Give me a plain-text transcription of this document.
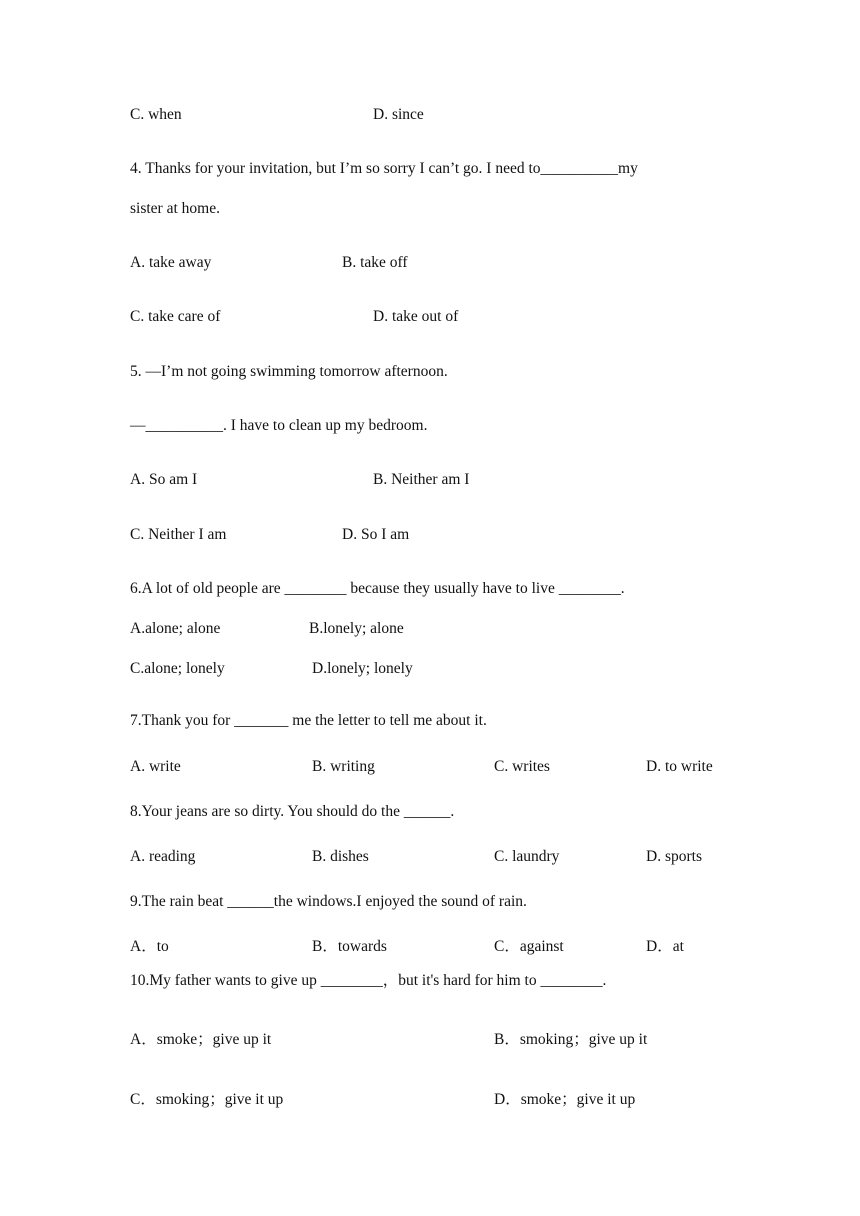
C. when	D. since
4. Thanks for your invitation, but I’m so sorry I can’t go. I need to__________my
sister at home.
A. take away	B. take off
C. take care of	D. take out of
5. —I’m not going swimming tomorrow afternoon.
—__________. I have to clean up my bedroom.
A. So am I	B. Neither am I
C. Neither I am	D. So I am
6.A lot of old people are ________ because they usually have to live ________.
A.alone; alone	B.lonely; alone
C.alone; lonely	D.lonely; lonely
7.Thank you for _______ me the letter to tell me about it.
A. write	B. writing	C. writes	D. to write
8.Your jeans are so dirty. You should do the ______.
A. reading	B. dishes	C. laundry	D. sports
9.The rain beat ______the windows.I enjoyed the sound of rain.
A．to	B．towards	C．against	D．at
10.My father wants to give up ________，but it's hard for him to ________.
A．smoke；give up it	B．smoking；give up it
C．smoking；give it up	D．smoke；give it up
